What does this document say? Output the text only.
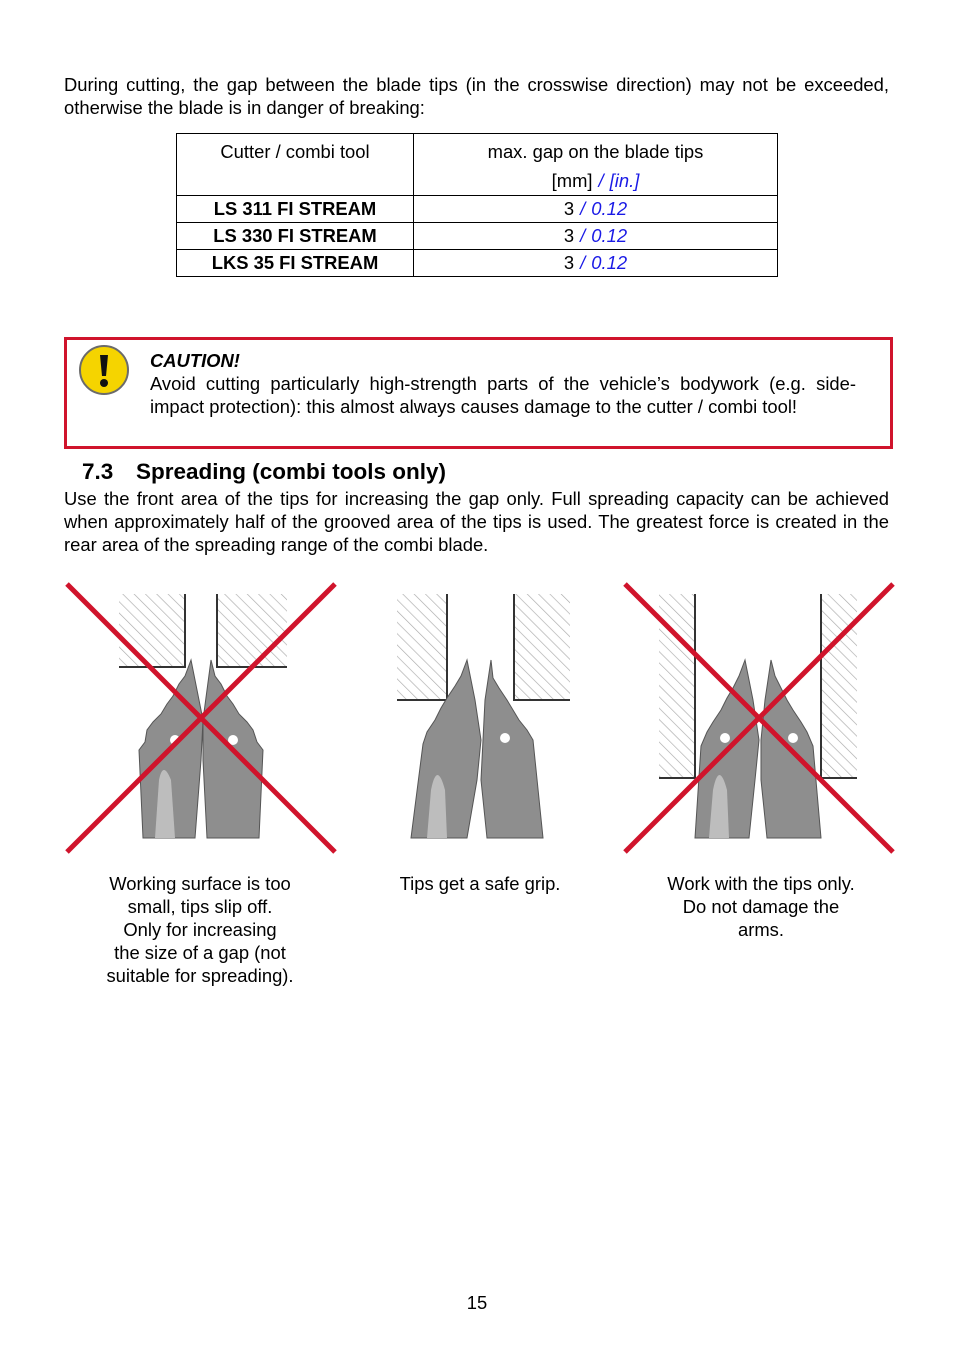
During cutting, the gap between the blade tips (in the crosswise direction) may not be exceeded, otherwise the blade is in danger of breaking:

Cutter / combi tool	max. gap on the blade tips
[mm] / [in.]
LS 311 FI STREAM	3 / 0.12
LS 330 FI STREAM	3 / 0.12
LKS 35 FI STREAM	3 / 0.12
CAUTION!
Avoid cutting particularly high-strength parts of the vehicle’s bodywork (e.g. side-impact protection): this almost always causes damage to the cutter / combi tool!
7.3 Spreading (combi tools only)

Use the front area of the tips for increasing the gap only. Full spreading capacity can be achieved when approximately half of the grooved area of the tips is used. The greatest force is created in the rear area of the spreading range of the combi blade.

Working surface is too
small, tips slip off.
Only for increasing
the size of a gap (not
suitable for spreading).
Tips get a safe grip.	Work with the tips only.
Do not damage the
arms.
15
